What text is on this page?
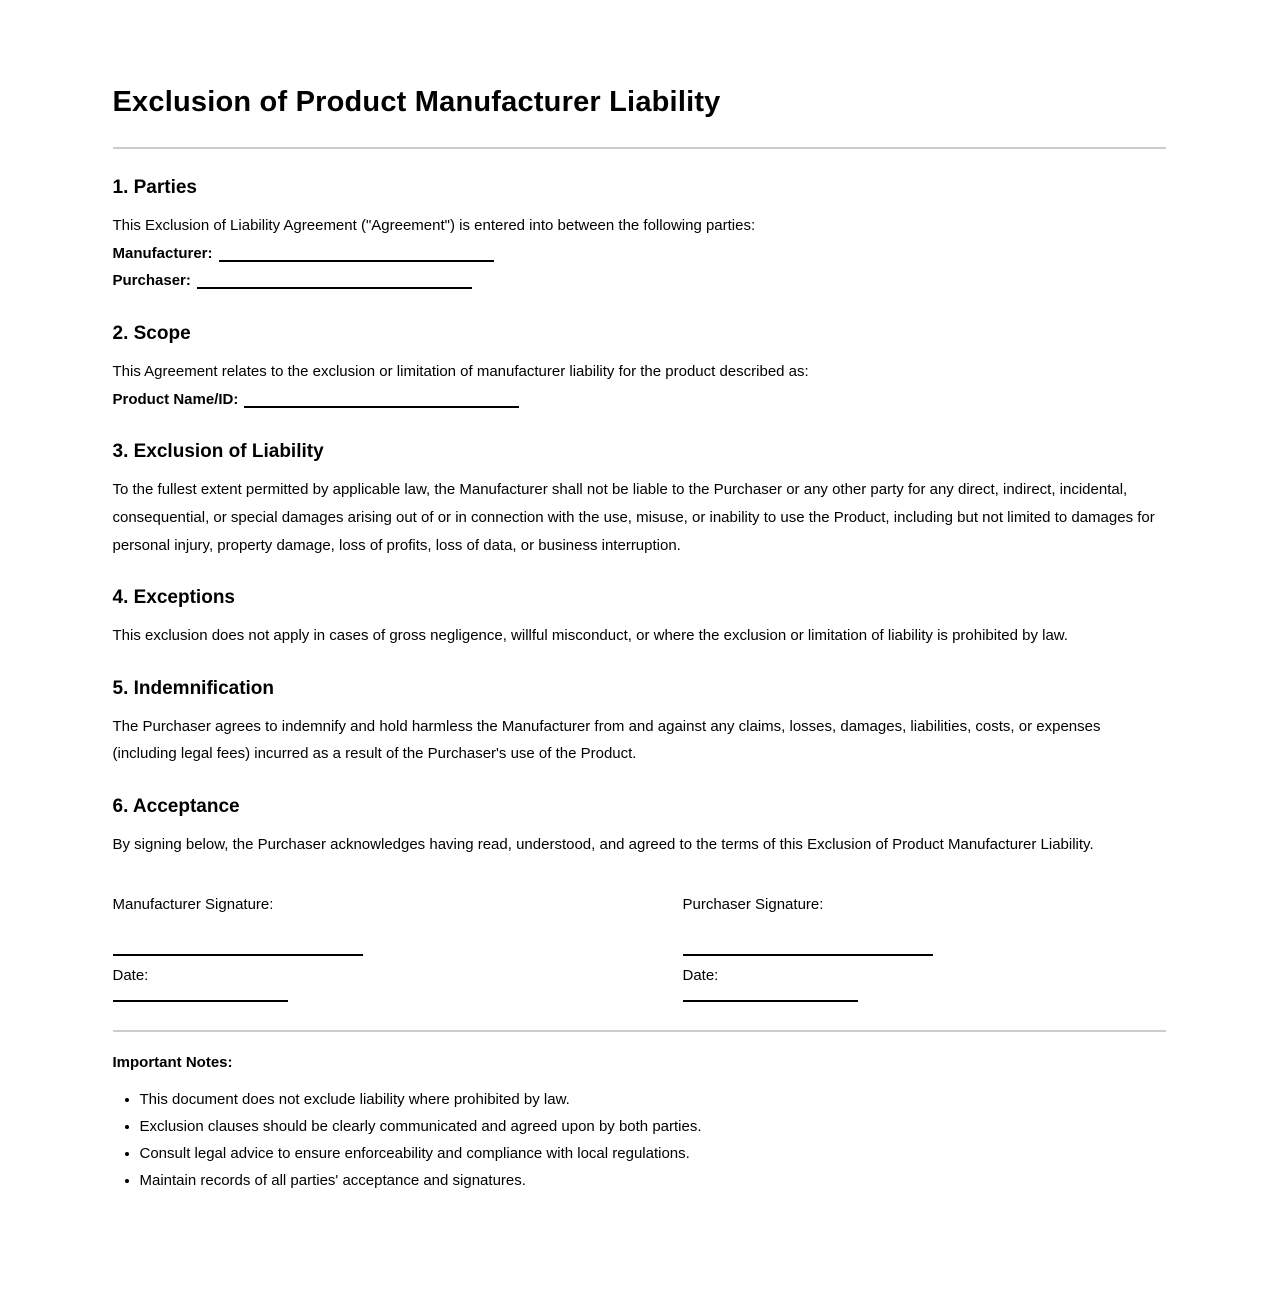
Exclusion of Product Manufacturer Liability
1. Parties

This Exclusion of Liability Agreement ("Agreement") is entered into between the following parties:

Manufacturer:
Purchaser:
2. Scope

This Agreement relates to the exclusion or limitation of manufacturer liability for the product described as:

Product Name/ID:
3. Exclusion of Liability

To the fullest extent permitted by applicable law, the Manufacturer shall not be liable to the Purchaser or any other party for any direct, indirect, incidental, consequential, or special damages arising out of or in connection with the use, misuse, or inability to use the Product, including but not limited to damages for personal injury, property damage, loss of profits, loss of data, or business interruption.

4. Exceptions

This exclusion does not apply in cases of gross negligence, willful misconduct, or where the exclusion or limitation of liability is prohibited by law.

5. Indemnification

The Purchaser agrees to indemnify and hold harmless the Manufacturer from and against any claims, losses, damages, liabilities, costs, or expenses (including legal fees) incurred as a result of the Purchaser's use of the Product.

6. Acceptance

By signing below, the Purchaser acknowledges having read, understood, and agreed to the terms of this Exclusion of Product Manufacturer Liability.

Manufacturer Signature:

Date:

Purchaser Signature:

Date:

Important Notes:

• This document does not exclude liability where prohibited by law.
• Exclusion clauses should be clearly communicated and agreed upon by both parties.
• Consult legal advice to ensure enforceability and compliance with local regulations.
• Maintain records of all parties' acceptance and signatures.
